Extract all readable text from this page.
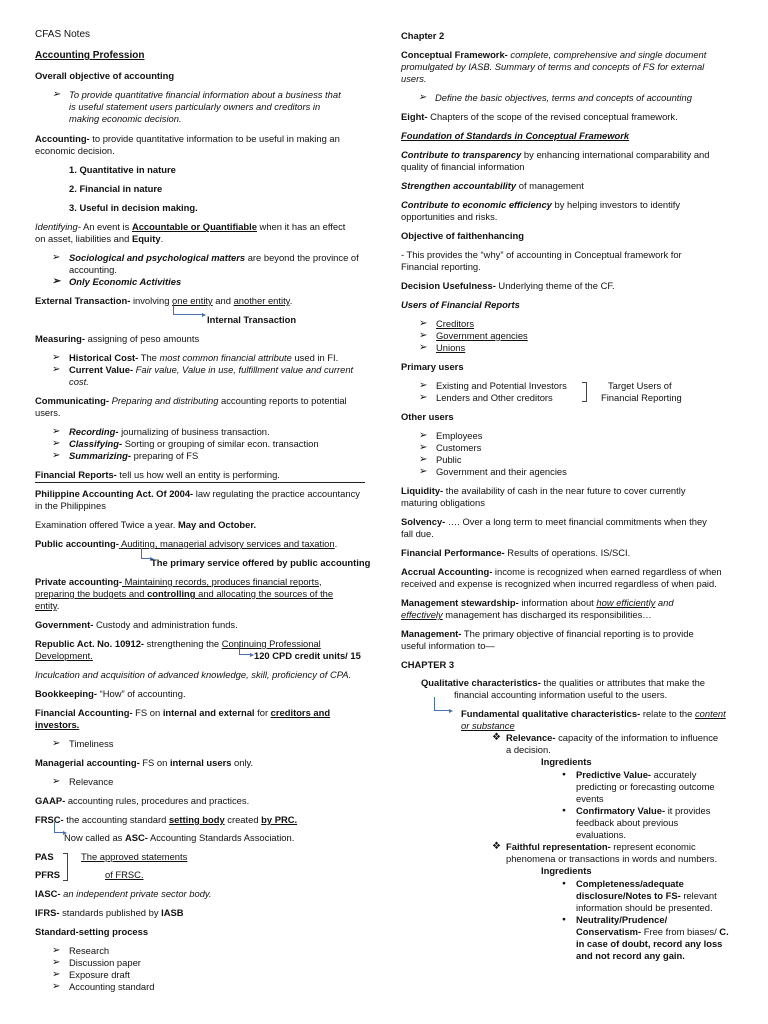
CFAS Notes
Accounting Profession
Overall objective of accounting
➢ To provide quantitative financial information about a business that
is useful statement users particularly owners and creditors in
making economic decision.
Accounting- to provide quantitative information to be useful in making an
economic decision.
1. Quantitative in nature
2. Financial in nature
3. Useful in decision making.
Identifying- An event is Accountable or Quantifiable when it has an effect
on asset, liabilities and Equity.
➢ Sociological and psychological matters are beyond the province of
accounting.
➢ Only Economic Activities
External Transaction- involving one entity and another entity.
Internal Transaction
Measuring- assigning of peso amounts
➢ Historical Cost- The most common financial attribute used in FI.
➢ Current Value- Fair value, Value in use, fulfillment value and current
cost.
Communicating- Preparing and distributing accounting reports to potential
users.
➢ Recording- journalizing of business transaction.
➢ Classifying- Sorting or grouping of similar econ. transaction
➢ Summarizing- preparing of FS
Financial Reports- tell us how well an entity is performing.
Philippine Accounting Act. Of 2004- law regulating the practice accountancy
in the Philippines
Examination offered Twice a year. May and October.
Public accounting- Auditing, managerial advisory services and taxation.
The primary service offered by public accounting
Private accounting- Maintaining records, produces financial reports,
preparing the budgets and controlling and allocating the sources of the
entity.
Government- Custody and administration funds.
Republic Act. No. 10912- strengthening the Continuing Professional
Development.	120 CPD credit units/ 15
Inculcation and acquisition of advanced knowledge, skill, proficiency of CPA.
Bookkeeping- “How” of accounting.
Financial Accounting- FS on internal and external for creditors and
investors.
➢ Timeliness
Managerial accounting- FS on internal users only.
➢ Relevance
GAAP- accounting rules, procedures and practices.
FRSC- the accounting standard setting body created by PRC.
Now called as ASC- Accounting Standards Association.
PAS
PFRS
The approved statements
of FRSC.
IASC- an independent private sector body.
IFRS- standards published by IASB
Standard-setting process
➢ Research
➢ Discussion paper
➢ Exposure draft
➢ Accounting standard
Chapter 2
Conceptual Framework- complete, comprehensive and single document
promulgated by IASB. Summary of terms and concepts of FS for external
users.
➢ Define the basic objectives, terms and concepts of accounting
Eight- Chapters of the scope of the revised conceptual framework.
Foundation of Standards in Conceptual Framework
Contribute to transparency by enhancing international comparability and
quality of financial information
Strengthen accountability of management
Contribute to economic efficiency by helping investors to identify
opportunities and risks.
Objective of faithenhancing
- This provides the “why” of accounting in Conceptual framework for
Financial reporting.
Decision Usefulness- Underlying theme of the CF.
Users of Financial Reports
➢ Creditors
➢ Government agencies
➢ Unions
Primary users
➢ Existing and Potential Investors
➢ Lenders and Other creditors
Target Users of
Financial Reporting
Other users
➢ Employees
➢ Customers
➢ Public
➢ Government and their agencies
Liquidity- the availability of cash in the near future to cover currently
maturing obligations
Solvency- …. Over a long term to meet financial commitments when they
fall due.
Financial Performance- Results of operations. IS/SCI.
Accrual Accounting- income is recognized when earned regardless of when
received and expense is recognized when incurred regardless of when paid.
Management stewardship- information about how efficiently and
effectively management has discharged its responsibilities…
Management- The primary objective of financial reporting is to provide
useful information to—
CHAPTER 3
Qualitative characteristics- the qualities or attributes that make the
financial accounting information useful to the users.
Fundamental qualitative characteristics- relate to the content
or substance
❖ Relevance- capacity of the information to influence
a decision.
Ingredients
● Predictive Value- accurately
predicting or forecasting outcome
events
● Confirmatory Value- it provides
feedback about previous
evaluations.
❖ Faithful representation- represent economic
phenomena or transactions in words and numbers.
Ingredients
● Completeness/adequate
disclosure/Notes to FS- relevant
information should be presented.
● Neutrality/Prudence/
Conservatism- Free from biases/ C.
in case of doubt, record any loss
and not record any gain.
